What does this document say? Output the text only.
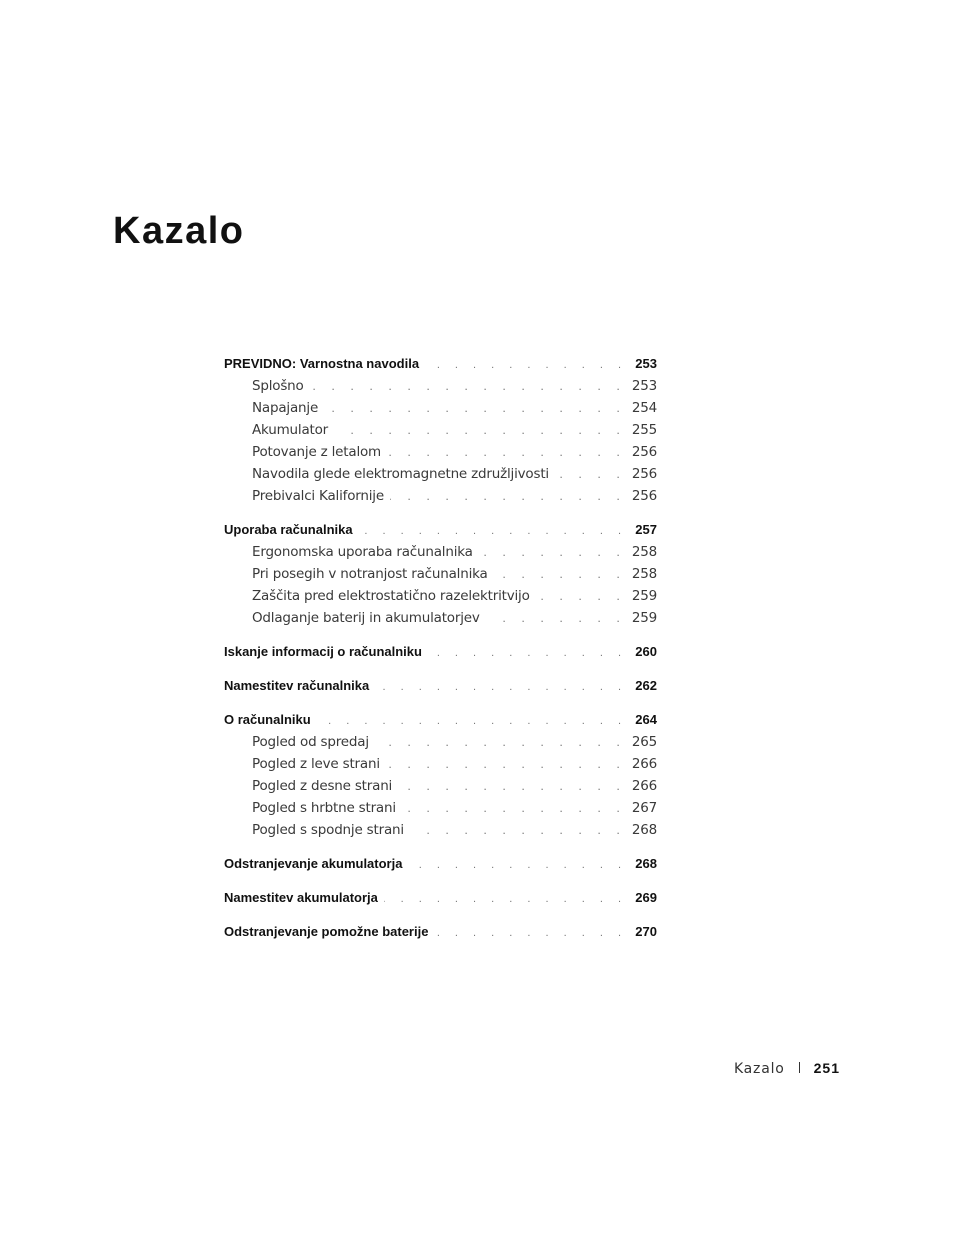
Kazalo
PREVIDNO: Varnostna navodila . . .	253
Splošno . . .	253
Napajanje . . .	254
Akumulator . . .	255
Potovanje z letalom . . .	256
Navodila glede elektromagnetne združljivosti . . .	256
Prebivalci Kalifornije . . .	256
Uporaba računalnika . . .	257
Ergonomska uporaba računalnika . . .	258
Pri posegih v notranjost računalnika . . .	258
Zaščita pred elektrostatično razelektritvijo . . .	259
Odlaganje baterij in akumulatorjev . . .	259
Iskanje informacij o računalniku . . .	260
Namestitev računalnika . . .	262
O računalniku . . .	264
Pogled od spredaj . . .	265
Pogled z leve strani . . .	266
Pogled z desne strani . . .	266
Pogled s hrbtne strani . . .	267
Pogled s spodnje strani . . .	268
Odstranjevanje akumulatorja . . .	268
Namestitev akumulatorja . . .	269
Odstranjevanje pomožne baterije . . .	270
Kazalo 251
